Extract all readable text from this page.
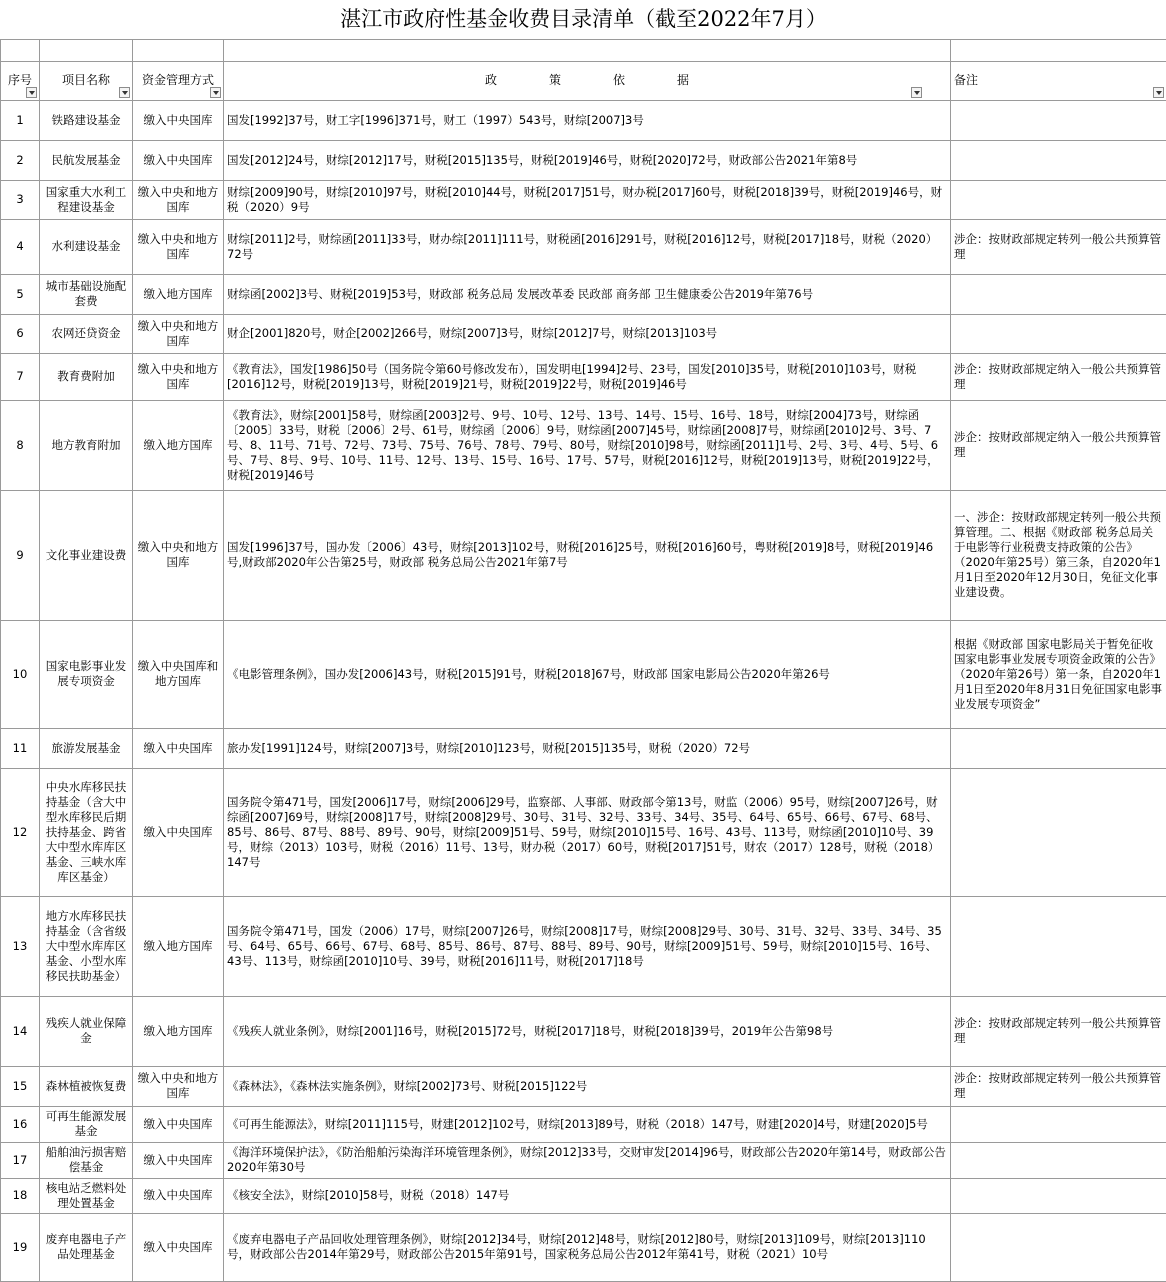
湛江市政府性基金收费目录清单（截至2022年7月）				

序号	项目名称	资金管理方式	政 策 依 据	备注

1	铁路建设基金	缴入中央国库	国发[1992]37号，财工字[1996]371号，财工（1997）543号，财综[2007]3号	
2	民航发展基金	缴入中央国库	国发[2012]24号，财综[2012]17号，财税[2015]135号，财税[2019]46号，财税[2020]72号，财政部公告2021年第8号	
3	国家重大水利工程建设基金	缴入中央和地方国库	财综[2009]90号，财综[2010]97号，财税[2010]44号，财税[2017]51号，财办税[2017]60号，财税[2018]39号，财税[2019]46号，财税（2020）9号	
4	水利建设基金	缴入中央和地方国库	财综[2011]2号，财综函[2011]33号，财办综[2011]111号，财税函[2016]291号，财税[2016]12号，财税[2017]18号，财税（2020）72号	涉企：按财政部规定转列一般公共预算管理
5	城市基础设施配套费	缴入地方国库	财综函[2002]3号、财税[2019]53号，财政部 税务总局 发展改革委 民政部 商务部 卫生健康委公告2019年第76号	
6	农网还贷资金	缴入中央和地方国库	财企[2001]820号，财企[2002]266号，财综[2007]3号，财综[2012]7号，财综[2013]103号	
7	教育费附加	缴入中央和地方国库	《教育法》，国发[1986]50号（国务院令第60号修改发布），国发明电[1994]2号、23号，国发[2010]35号，财税[2010]103号，财税[2016]12号，财税[2019]13号，财税[2019]21号，财税[2019]22号，财税[2019]46号	涉企：按财政部规定纳入一般公共预算管理
8	地方教育附加	缴入地方国库	《教育法》，财综[2001]58号，财综函[2003]2号、9号、10号、12号、13号、14号、15号、16号、18号，财综[2004]73号，财综函〔2005〕33号，财税〔2006〕2号、61号，财综函〔2006〕9号，财综函[2007]45号，财综函[2008]7号，财综函[2010]2号、3号、7号、8、11号、71号、72号、73号、75号、76号、78号、79号、80号，财综[2010]98号，财综函[2011]1号、2号、3号、4号、5号、6号、7号、8号、9号、10号、11号、12号、13号、15号、16号、17号、57号，财税[2016]12号，财税[2019]13号，财税[2019]22号，财税[2019]46号	涉企：按财政部规定纳入一般公共预算管理
9	文化事业建设费	缴入中央和地方国库	国发[1996]37号，国办发〔2006〕43号，财综[2013]102号，财税[2016]25号，财税[2016]60号，粤财税[2019]8号，财税[2019]46号,财政部2020年公告第25号，财政部 税务总局公告2021年第7号	一、涉企：按财政部规定转列一般公共预算管理。二、根据《财政部 税务总局关于电影等行业税费支持政策的公告》（2020年第25号）第三条，自2020年1月1日至2020年12月30日，免征文化事业建设费。
10	国家电影事业发展专项资金	缴入中央国库和地方国库	《电影管理条例》，国办发[2006]43号，财税[2015]91号，财税[2018]67号，财政部 国家电影局公告2020年第26号	根据《财政部 国家电影局关于暂免征收国家电影事业发展专项资金政策的公告》（2020年第26号）第一条，自2020年1月1日至2020年8月31日免征国家电影事业发展专项资金”
11	旅游发展基金	缴入中央国库	旅办发[1991]124号，财综[2007]3号，财综[2010]123号，财税[2015]135号，财税（2020）72号	
12	中央水库移民扶持基金（含大中型水库移民后期扶持基金、跨省大中型水库库区基金、三峡水库库区基金）	缴入中央国库	国务院令第471号，国发[2006]17号，财综[2006]29号，监察部、人事部、财政部令第13号，财监（2006）95号，财综[2007]26号，财综函[2007]69号，财综[2008]17号，财综[2008]29号、30号、31号、32号、33号、34号、35号、64号、65号、66号、67号、68号、85号、86号、87号、88号、89号、90号，财综[2009]51号、59号，财综[2010]15号、16号、43号、113号，财综函[2010]10号、39号，财综（2013）103号，财税（2016）11号、13号，财办税（2017）60号，财税[2017]51号，财农（2017）128号，财税（2018）147号	
13	地方水库移民扶持基金（含省级大中型水库库区基金、小型水库移民扶助基金）	缴入地方国库	国务院令第471号，国发（2006）17号，财综[2007]26号，财综[2008]17号，财综[2008]29号、30号、31号、32号、33号、34号、35号、64号、65号、66号、67号、68号、85号、86号、87号、88号、89号、90号，财综[2009]51号、59号，财综[2010]15号、16号、43号、113号，财综函[2010]10号、39号，财税[2016]11号，财税[2017]18号	
14	残疾人就业保障金	缴入地方国库	《残疾人就业条例》，财综[2001]16号，财税[2015]72号，财税[2017]18号，财税[2018]39号，2019年公告第98号	涉企：按财政部规定转列一般公共预算管理
15	森林植被恢复费	缴入中央和地方国库	《森林法》，《森林法实施条例》，财综[2002]73号、财税[2015]122号	涉企：按财政部规定转列一般公共预算管理
16	可再生能源发展基金	缴入中央国库	《可再生能源法》，财综[2011]115号，财建[2012]102号，财综[2013]89号，财税（2018）147号，财建[2020]4号，财建[2020]5号	
17	船舶油污损害赔偿基金	缴入中央国库	《海洋环境保护法》，《防治船舶污染海洋环境管理条例》，财综[2012]33号，交财审发[2014]96号，财政部公告2020年第14号，财政部公告2020年第30号	
18	核电站乏燃料处理处置基金	缴入中央国库	《核安全法》，财综[2010]58号，财税（2018）147号	
19	废弃电器电子产品处理基金	缴入中央国库	《废弃电器电子产品回收处理管理条例》，财综[2012]34号，财综[2012]48号，财综[2012]80号，财综[2013]109号，财综[2013]110号，财政部公告2014年第29号，财政部公告2015年第91号，国家税务总局公告2012年第41号，财税（2021）10号	
